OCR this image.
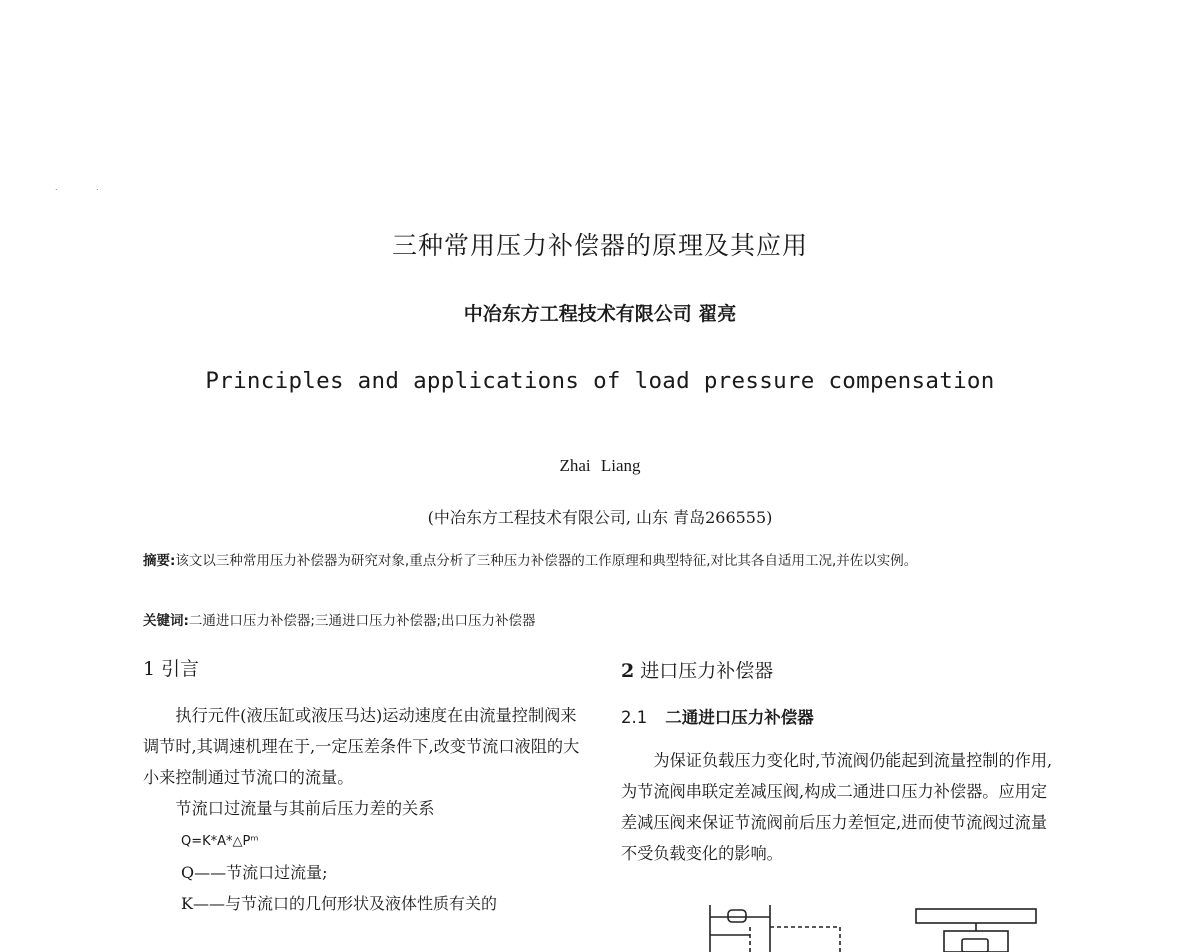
. .
三种常用压力补偿器的原理及其应用
中冶东方工程技术有限公司 翟亮
Principles and applications of load pressure compensation
Zhai Liang
(中冶东方工程技术有限公司, 山东 青岛266555)
摘要:该文以三种常用压力补偿器为研究对象,重点分析了三种压力补偿器的工作原理和典型特征,对比其各自适用工况,并佐以实例。
关键词:二通进口压力补偿器;三通进口压力补偿器;出口压力补偿器
1 引言

执行元件(液压缸或液压马达)运动速度在由流量控制阀来调节时,其调速机理在于,一定压差条件下,改变节流口液阻的大小来控制通过节流口的流量。

节流口过流量与其前后压力差的关系

Q=K*A*△Pᵐ
Q——节流口过流量;
K——与节流口的几何形状及液体性质有关的
2 进口压力补偿器
2.1 二通进口压力补偿器

为保证负载压力变化时,节流阀仍能起到流量控制的作用,为节流阀串联定差减压阀,构成二通进口压力补偿器。应用定差减压阀来保证节流阀前后压力差恒定,进而使节流阀过流量不受负载变化的影响。
